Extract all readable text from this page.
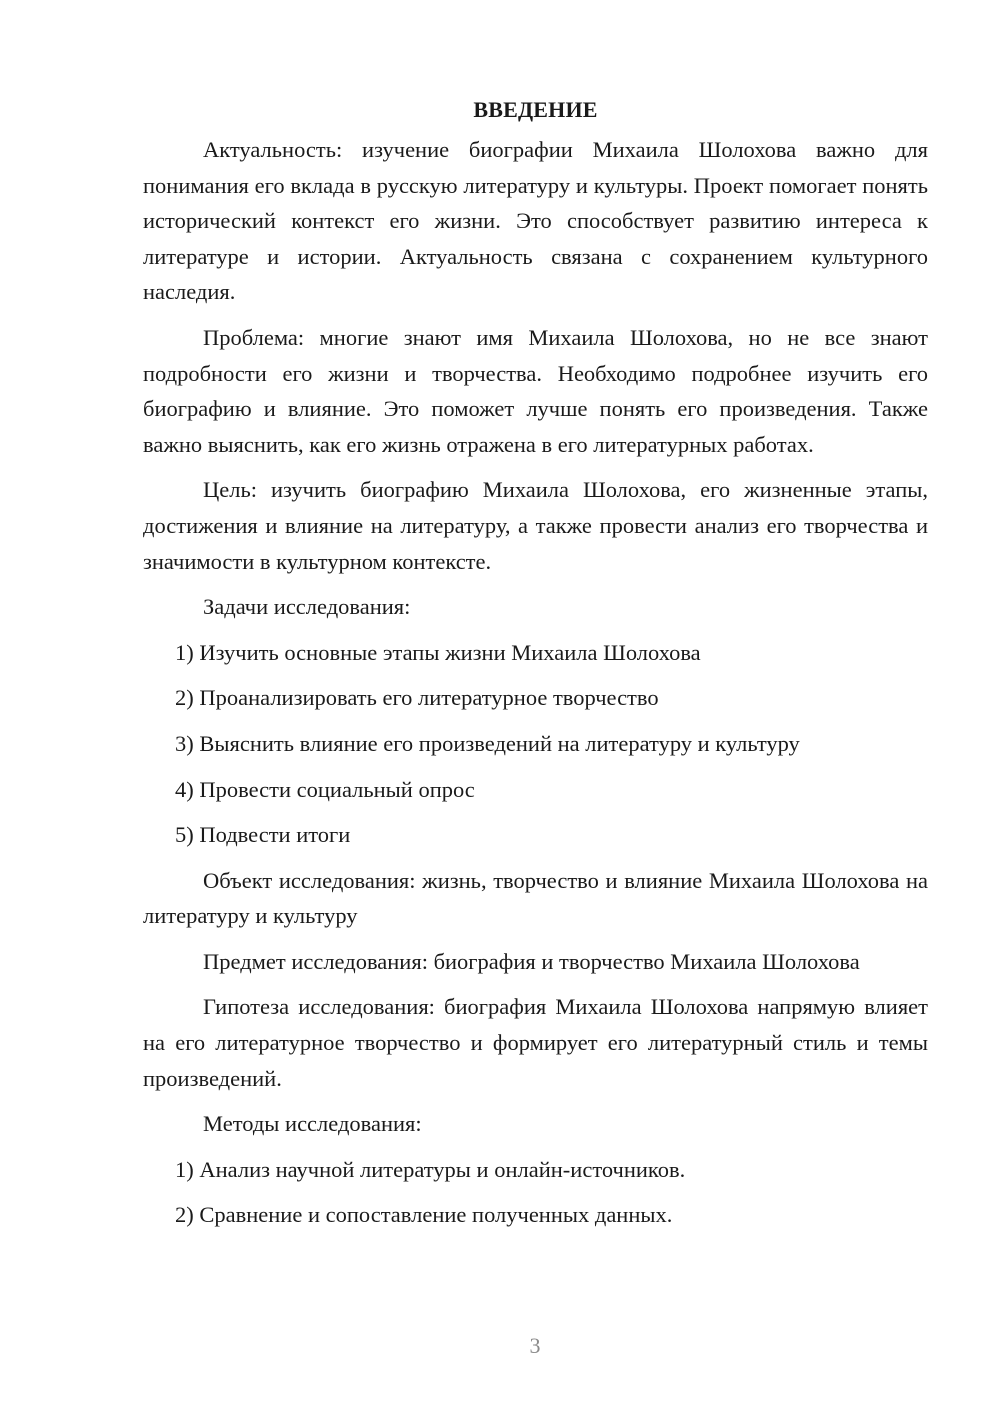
ВВЕДЕНИЕ

Актуальность: изучение биографии Михаила Шолохова важно для понимания его вклада в русскую литературу и культуры. Проект помогает понять исторический контекст его жизни. Это способствует развитию интереса к литературе и истории. Актуальность связана с сохранением культурного наследия.

Проблема: многие знают имя Михаила Шолохова, но не все знают подробности его жизни и творчества. Необходимо подробнее изучить его биографию и влияние. Это поможет лучше понять его произведения. Также важно выяснить, как его жизнь отражена в его литературных работах.

Цель: изучить биографию Михаила Шолохова, его жизненные этапы, достижения и влияние на литературу, а также провести анализ его творчества и значимости в культурном контексте.

Задачи исследования:

1) Изучить основные этапы жизни Михаила Шолохова
2) Проанализировать его литературное творчество
3) Выяснить влияние его произведений на литературу и культуру
4) Провести социальный опрос
5) Подвести итоги

Объект исследования: жизнь, творчество и влияние Михаила Шолохова на литературу и культуру

Предмет исследования: биография и творчество Михаила Шолохова

Гипотеза исследования: биография Михаила Шолохова напрямую влияет на его литературное творчество и формирует его литературный стиль и темы произведений.

Методы исследования:

1) Анализ научной литературы и онлайн-источников.
2) Сравнение и сопоставление полученных данных.
3
